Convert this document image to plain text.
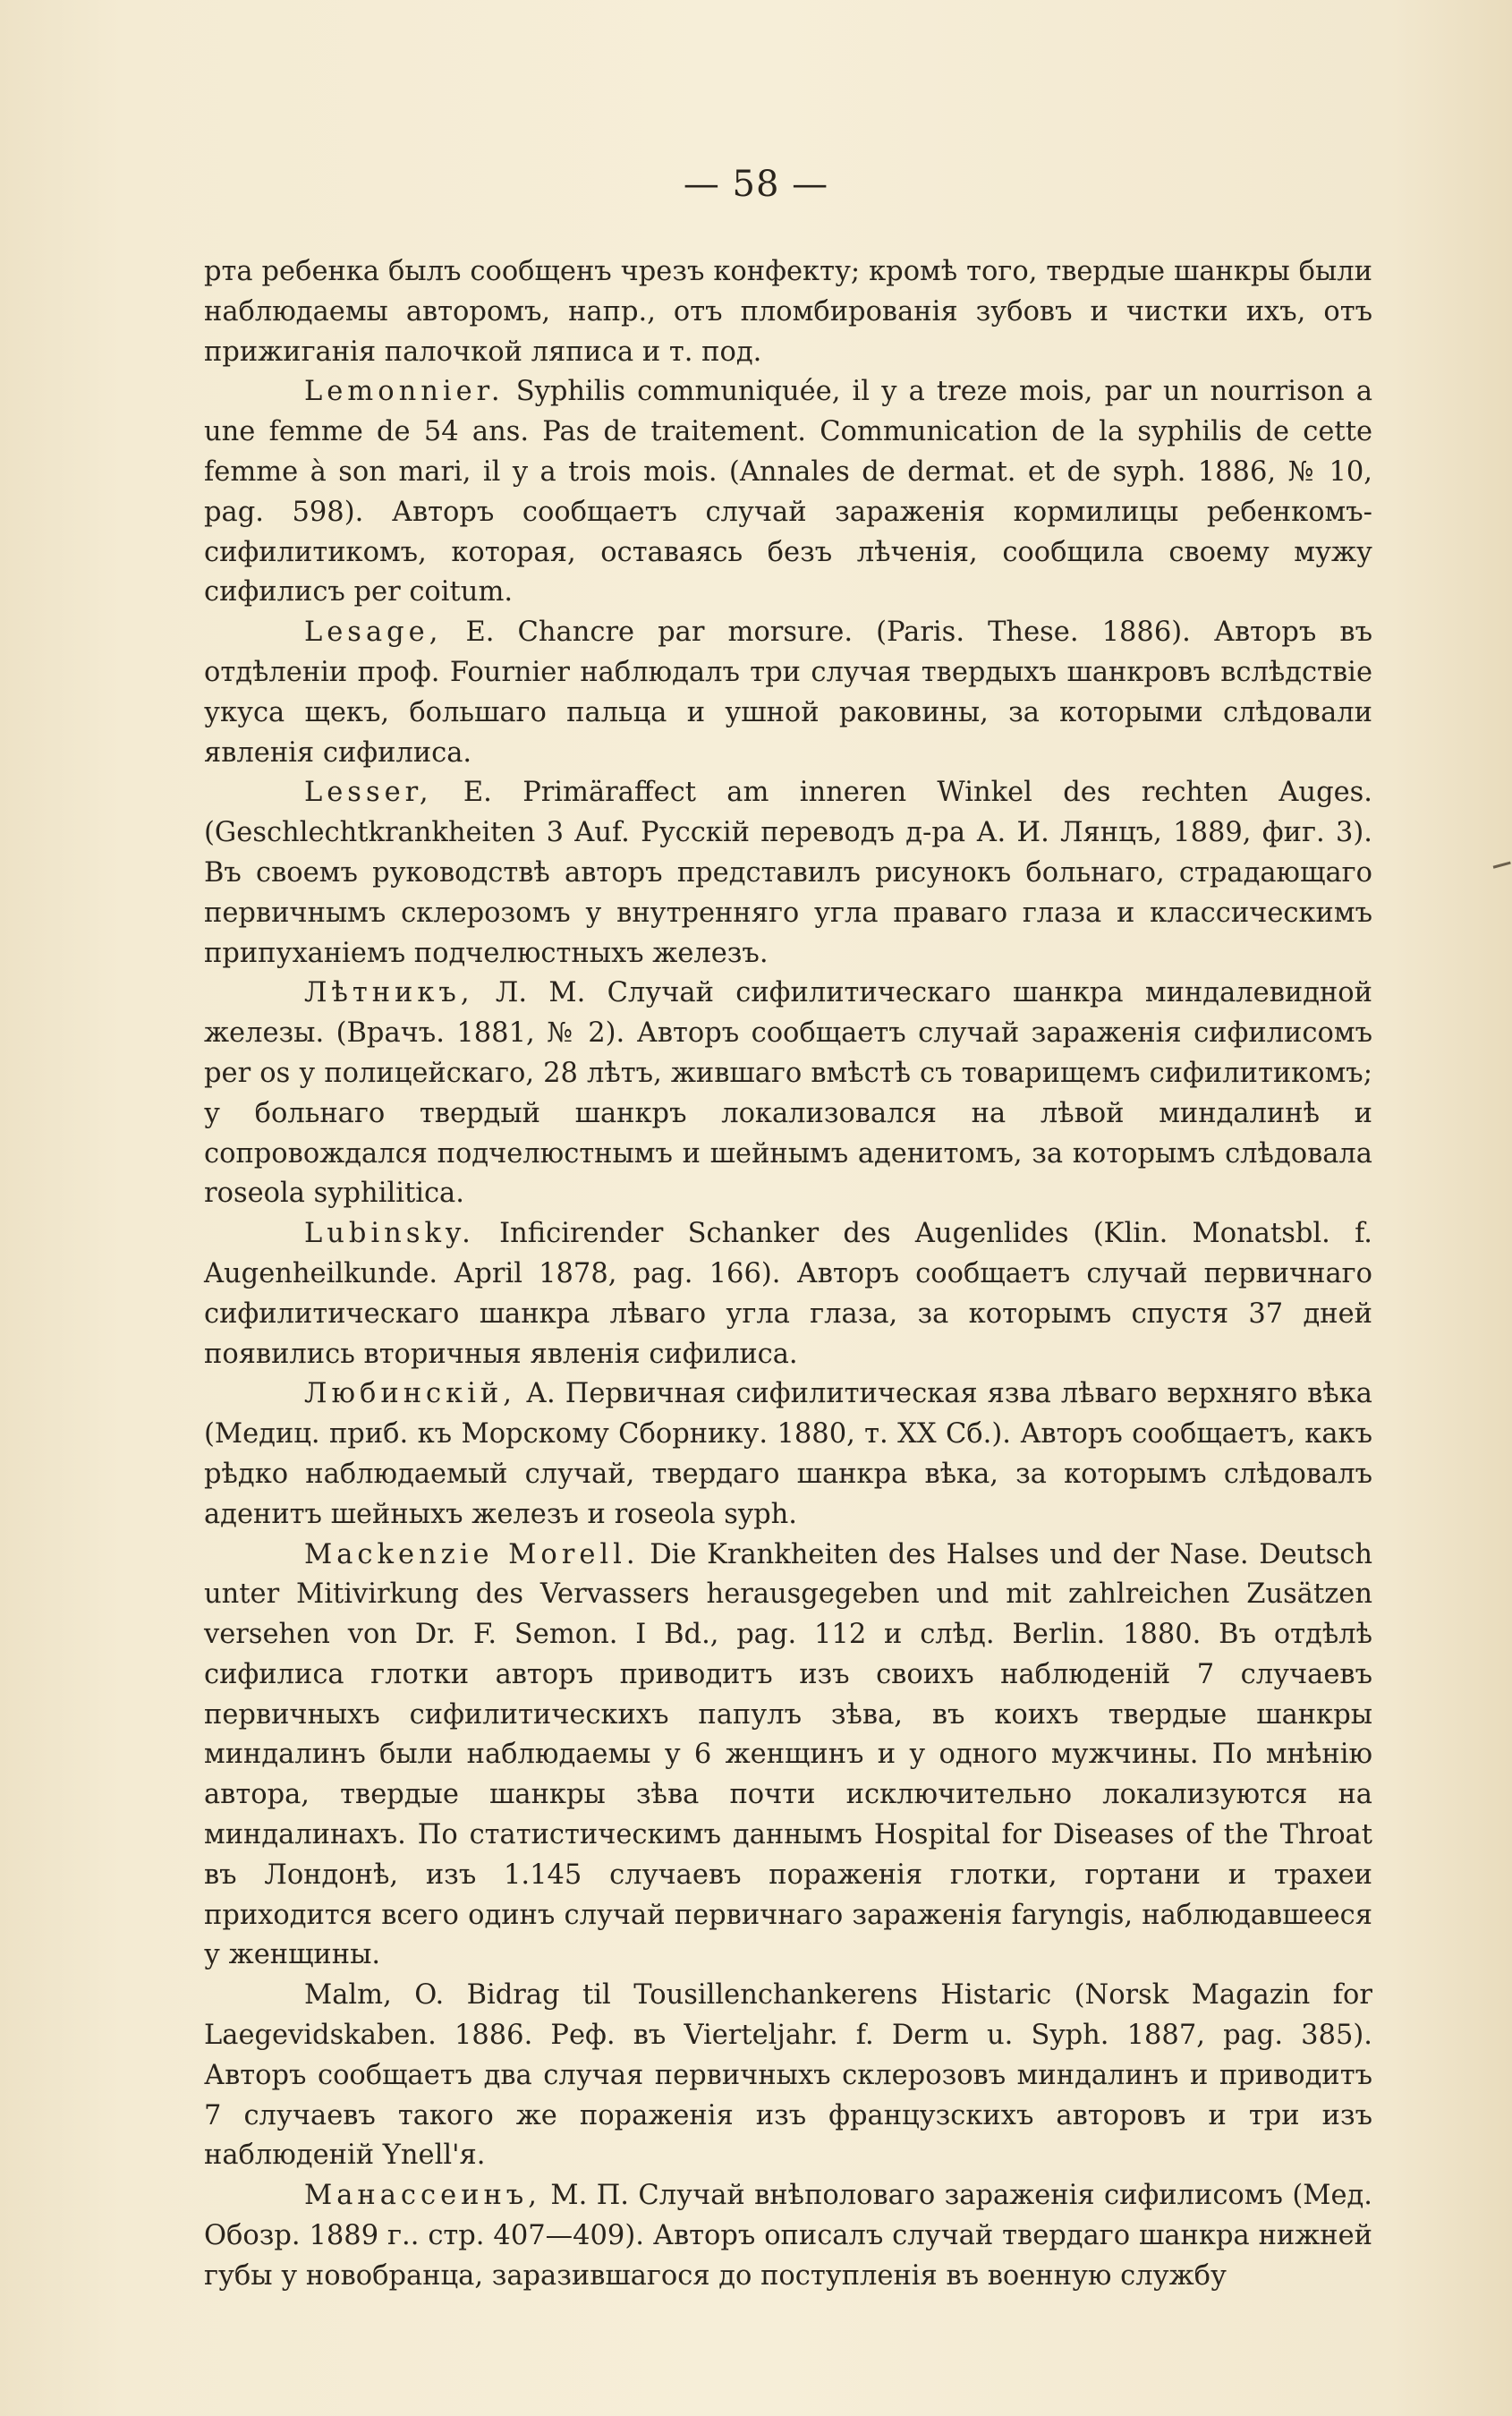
— 58 —

рта ребенка былъ сообщенъ чрезъ конфекту; кромѣ того, твердые шанкры были наблюдаемы авторомъ, напр., отъ пломбированія зубовъ и чистки ихъ, отъ прижиганія палочкой ляписа и т. под.

Lemonnier. Syphilis communiquée, il y a treze mois, par un nourrison a une femme de 54 ans. Pas de traitement. Communication de la syphilis de cette femme à son mari, il y a trois mois. (Annales de dermat. et de syph. 1886, № 10, pag. 598). Авторъ сообщаетъ случай зараженія кормилицы ребенкомъ-сифилитикомъ, которая, оставаясь безъ лѣченія, сообщила своему мужу сифилисъ per coitum.

Lesage, E. Chancre par morsure. (Paris. These. 1886). Авторъ въ отдѣленіи проф. Fournier наблюдалъ три случая твердыхъ шанкровъ вслѣдствіе укуса щекъ, большаго пальца и ушной раковины, за которыми слѣдовали явленія сифилиса.

Lesser, E. Primäraffect am inneren Winkel des rechten Auges. (Geschlechtkrankheiten 3 Auf. Русскій переводъ д-ра А. И. Лянцъ, 1889, фиг. 3). Въ своемъ руководствѣ авторъ представилъ рисунокъ больнаго, страдающаго первичнымъ склерозомъ у внутренняго угла праваго глаза и классическимъ припуханіемъ подчелюстныхъ железъ.

Лѣтникъ, Л. М. Случай сифилитическаго шанкра миндалевидной железы. (Врачъ. 1881, № 2). Авторъ сообщаетъ случай зараженія сифилисомъ per os у полицейскаго, 28 лѣтъ, жившаго вмѣстѣ съ товарищемъ сифилитикомъ; у больнаго твердый шанкръ локализовался на лѣвой миндалинѣ и сопровождался подчелюстнымъ и шейнымъ аденитомъ, за которымъ слѣдовала roseola syphilitica.

Lubinsky. Inficirender Schanker des Augenlides (Klin. Monatsbl. f. Augenheilkunde. Аpril 1878, pag. 166). Авторъ сообщаетъ случай первичнаго сифилитическаго шанкра лѣваго угла глаза, за которымъ спустя 37 дней появились вторичныя явленія сифилиса.

Любинскій, А. Первичная сифилитическая язва лѣваго верхняго вѣка (Медиц. приб. къ Морскому Сборнику. 1880, т. XX Сб.). Авторъ сообщаетъ, какъ рѣдко наблюдаемый случай, твердаго шанкра вѣка, за которымъ слѣдовалъ аденитъ шейныхъ железъ и roseola syph.

Mackenzie Morell. Die Krankheiten des Halses und der Nase. Deutsch unter Mitivirkung des Vervassers herausgegeben und mit zahlreichen Zusätzen versehen von Dr. F. Semon. I Bd., pag. 112 и слѣд. Berlin. 1880. Въ отдѣлѣ сифилиса глотки авторъ приводитъ изъ своихъ наблюденій 7 случаевъ первичныхъ сифилитическихъ папулъ зѣва, въ коихъ твердые шанкры миндалинъ были наблюдаемы у 6 женщинъ и у одного мужчины. По мнѣнію автора, твердые шанкры зѣва почти исключительно локализуются на миндалинахъ. По статистическимъ даннымъ Hospital for Diseases of the Throat въ Лондонѣ, изъ 1.145 случаевъ пораженія глотки, гортани и трахеи приходится всего одинъ случай первичнаго зараженія faryngis, наблюдавшееся у женщины.

Malm, O. Bidrag til Tousillenchankerens Histaric (Norsk Magazin for Laegevidskaben. 1886. Реф. въ Vierteljahr. f. Derm u. Syph. 1887, pag. 385). Авторъ сообщаетъ два случая первичныхъ склерозовъ миндалинъ и приводитъ 7 случаевъ такого же пораженія изъ французскихъ авторовъ и три изъ наблюденій Ynell'я.

Манассеинъ, М. П. Случай внѣполоваго зараженія сифилисомъ (Мед. Обозр. 1889 г.. стр. 407—409). Авторъ описалъ случай твердаго шанкра нижней губы у новобранца, заразившагося до поступленія въ военную службу
